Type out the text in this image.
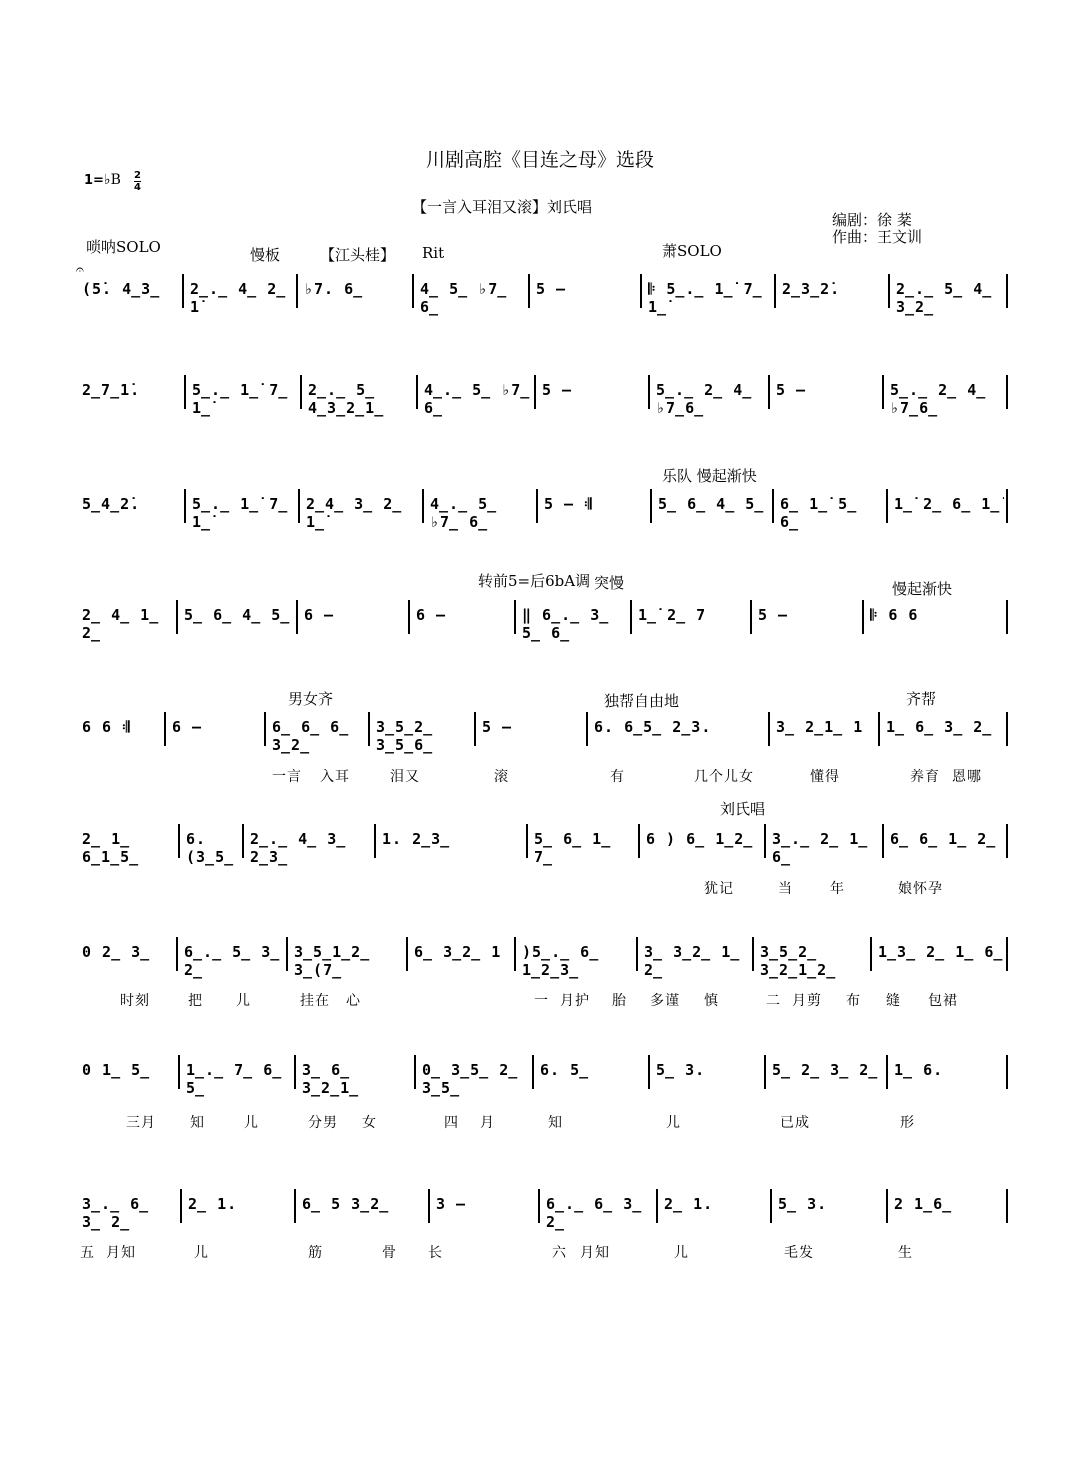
川剧高腔《目连之母》选段
1=♭B 2
4
【一言入耳泪又滚】刘氏唱
编剧：徐 棻
作曲：王文训
唢呐SOLO	慢板	【江头桂】 Rit	萧SOLO
乐队 慢起渐快
转前5=后6bA调 突慢	慢起渐快
男女齐	独帮自由地	齐帮
刘氏唱
𝄐
(5̇. 4̲3̲	2̲.̲ 4̲ 2̲ 1̇
♭7. 6̲	4̲ 5̲ ♭7̲ 6̲
5 –	𝄆 5̲.̲ 1̲̇ 7̲ 1̲̇
2̲3̲2̇.	2̲.̲ 5̲ 4̲ 3̲2̲
2̲7̲1̇.	5̲.̲ 1̲̇ 7̲ 1̲̇
2̲.̲ 5̲ 4̲3̲2̲1̲
4̲.̲ 5̲ ♭7̲ 6̲
5 –	5̲.̲ 2̲ 4̲ ♭7̲6̲
5 –	5̲.̲ 2̲ 4̲ ♭7̲6̲
5̲4̲2̇.	5̲.̲ 1̲̇ 7̲ 1̲̇
2̲4̲ 3̲ 2̲ 1̲̇
4̲.̲ 5̲ ♭7̲ 6̲
5 – 𝄇	5̲ 6̲ 4̲ 5̲	6̲ 1̲̇ 5̲ 6̲
1̲̇ 2̲ 6̲ 1̲̇
2̲ 4̲ 1̲ 2̲
5̲ 6̲ 4̲ 5̲ 6 –	6 –	‖ 6̲.̲ 3̲ 5̲ 6̲
1̲̇ 2̲ 7	5 –	𝄆 6 6
6 6 𝄇	6 –	6̲ 6̲ 6̲ 3̲2̲
3̲5̲2̲ 3̲5̲6̲
5 –	6. 6̲5̲ 2̲3.	3̲ 2̲1̲ 1	1̲ 6̲ 3̲ 2̲
2̲ 1̲ 6̲1̲5̲
6. (3̲5̲
2̲.̲ 4̲ 3̲ 2̲3̲
1. 2̲3̲	5̲ 6̲ 1̲ 7̲
6 ) 6̲ 1̲2̲	3̲.̲ 2̲ 1̲ 6̲
6̲ 6̲ 1̲ 2̲
0 2̲ 3̲	6̲.̲ 5̲ 3̲ 2̲
3̲5̲1̲2̲ 3̲(7̲
6̲ 3̲2̲ 1	)5̲.̲ 6̲ 1̲2̲3̲
3̲ 3̲2̲ 1̲ 2̲
3̲5̲2̲ 3̲2̲1̲2̲
1̲3̲ 2̲ 1̲ 6̲
0 1̲ 5̲	1̲.̲ 7̲ 6̲ 5̲
3̲ 6̲ 3̲2̲1̲
0̲ 3̲5̲ 2̲ 3̲5̲
6. 5̲	5̲ 3.	5̲ 2̲ 3̲ 2̲	1̲ 6.
3̲.̲ 6̲ 3̲ 2̲
2̲ 1.	6̲ 5 3̲2̲	3 –	6̲.̲ 6̲ 3̲ 2̲
2̲ 1.	5̲ 3.	2 1̲6̲
一言 入耳	泪又	滚	有	几个儿女	懂得	养育 恩哪
犹记	当	年	娘怀孕
时刻	把 儿	挂在 心	一 月护 胎 多谨 慎	二 月剪 布 缝 包裙
三月 知	儿	分男 女	四 月	知	儿	已成	形
五 月知	儿	筋	骨 长	六 月知	儿	毛发	生
